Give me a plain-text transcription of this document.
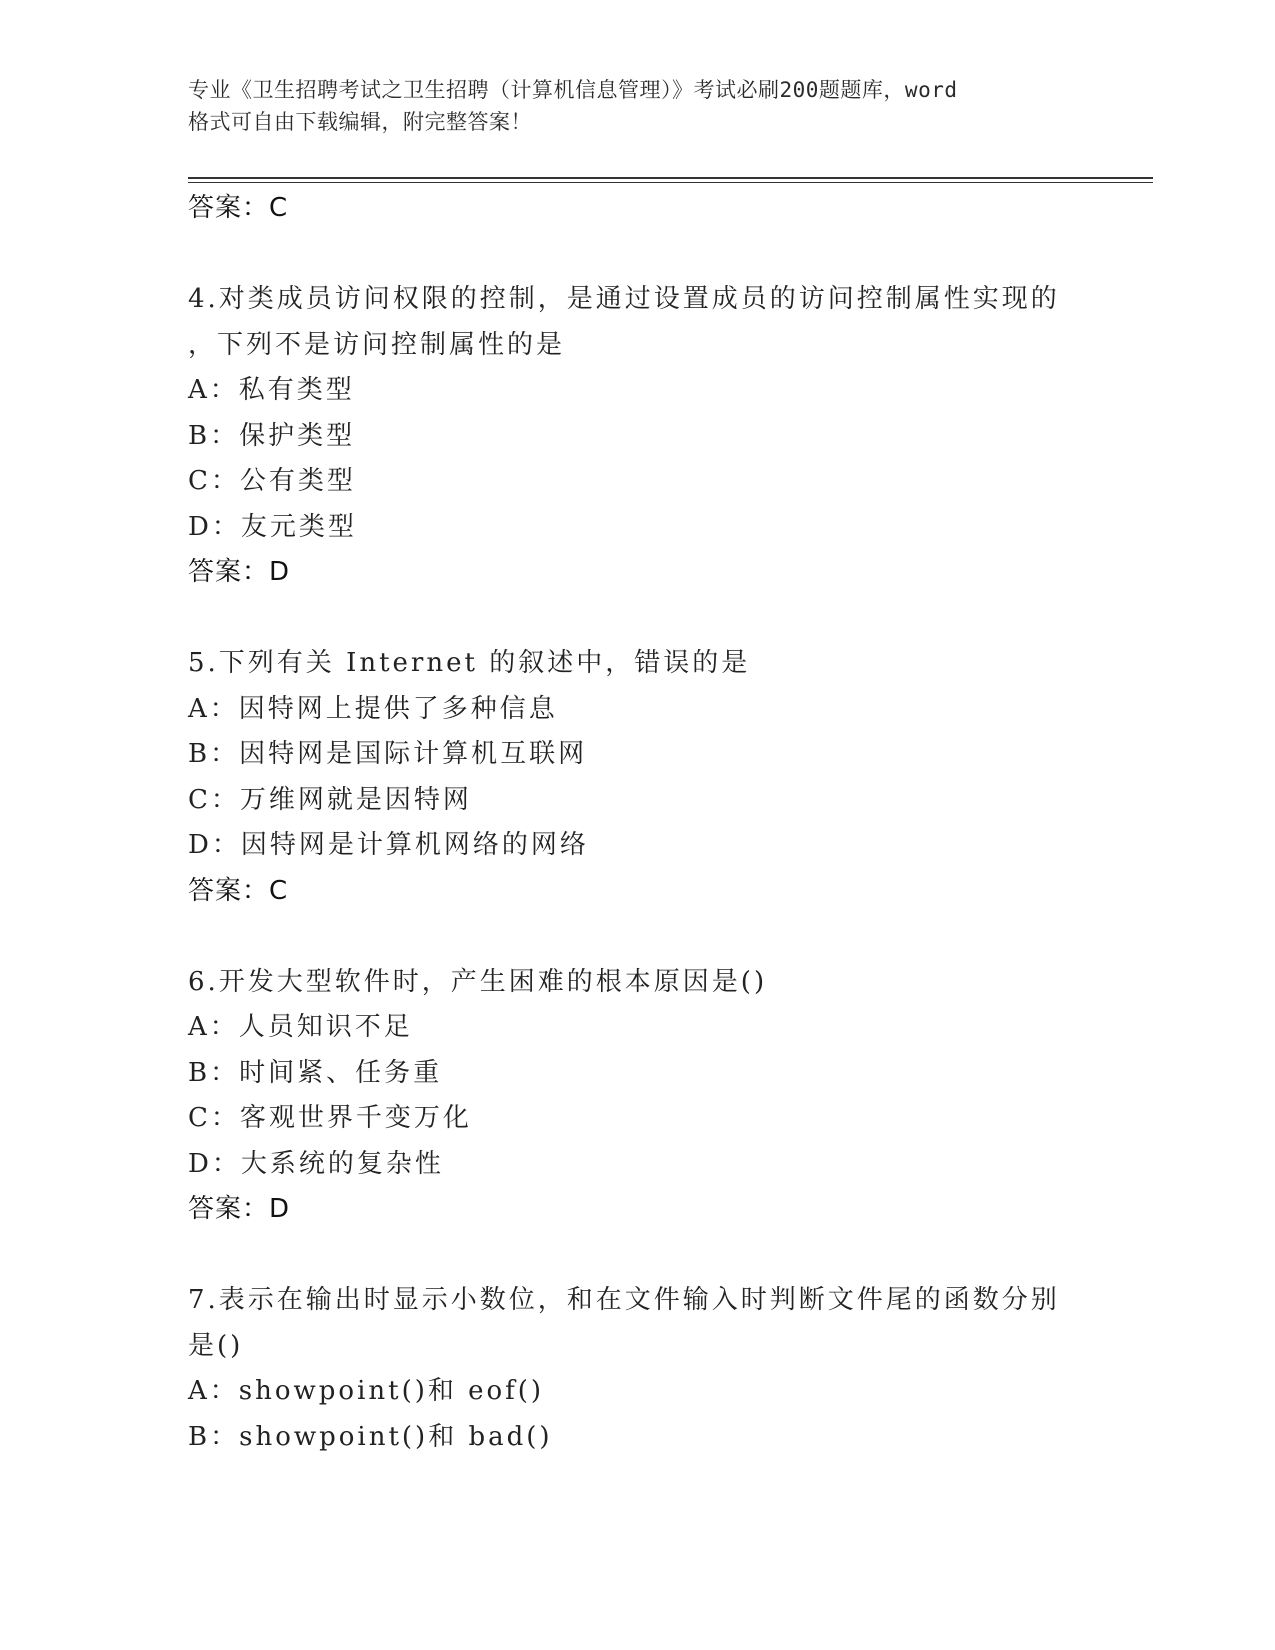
专业《卫生招聘考试之卫生招聘（计算机信息管理）》考试必刷200题题库，word
格式可自由下载编辑，附完整答案！
答案：C
4.对类成员访问权限的控制，是通过设置成员的访问控制属性实现的
，下列不是访问控制属性的是
A：私有类型
B：保护类型
C：公有类型
D：友元类型
答案：D
5.下列有关 Internet 的叙述中，错误的是
A：因特网上提供了多种信息
B：因特网是国际计算机互联网
C：万维网就是因特网
D：因特网是计算机网络的网络
答案：C
6.开发大型软件时，产生困难的根本原因是()
A：人员知识不足
B：时间紧、任务重
C：客观世界千变万化
D：大系统的复杂性
答案：D
7.表示在输出时显示小数位，和在文件输入时判断文件尾的函数分别
是()
A：showpoint()和 eof()
B：showpoint()和 bad()
